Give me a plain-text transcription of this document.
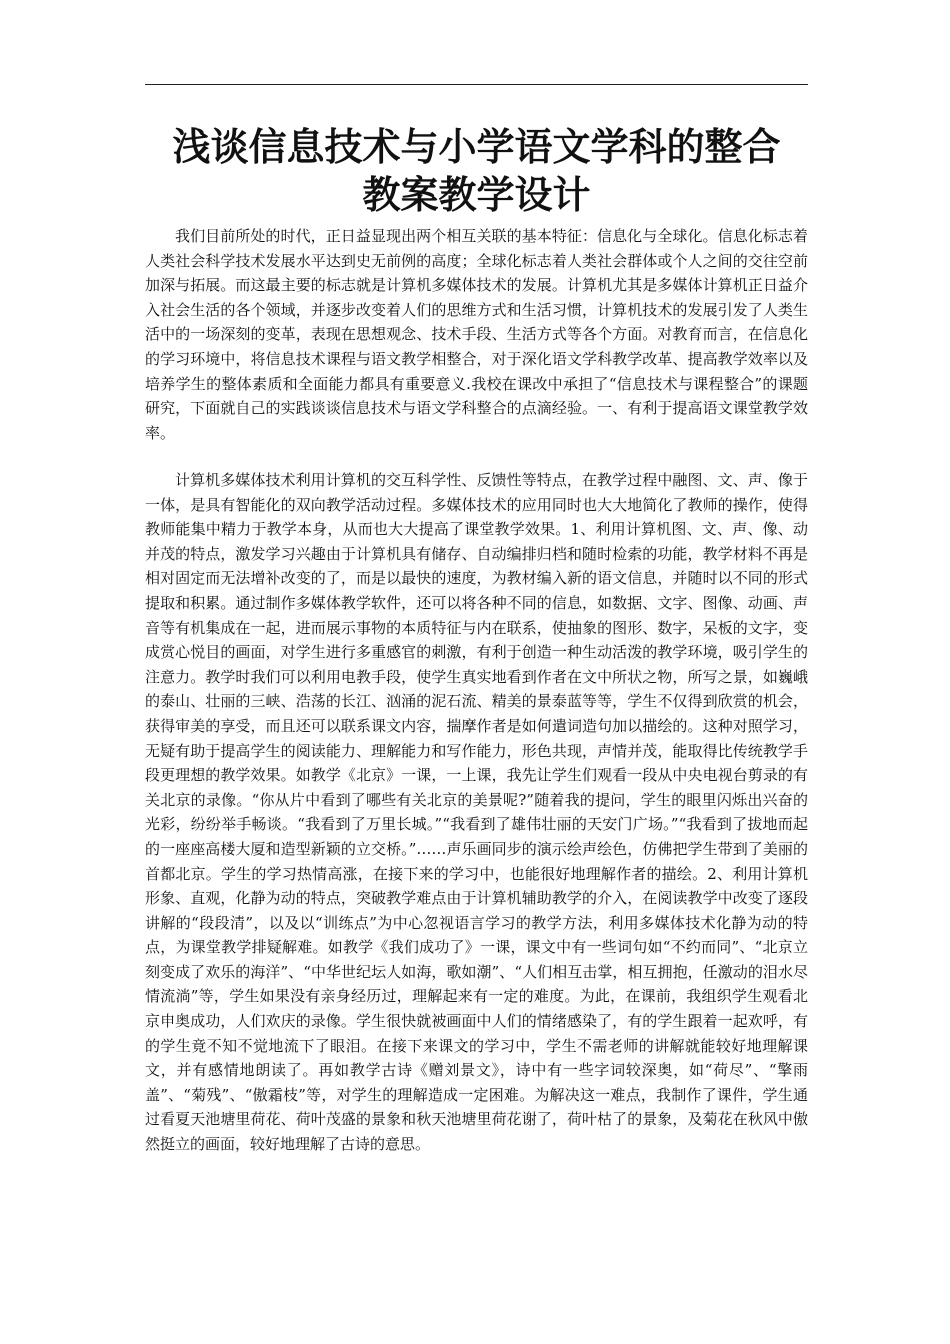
浅谈信息技术与小学语文学科的整合
教案教学设计

我们目前所处的时代，正日益显现出两个相互关联的基本特征：信息化与全球化。信息化标志着人类社会科学技术发展水平达到史无前例的高度；全球化标志着人类社会群体或个人之间的交往空前加深与拓展。而这最主要的标志就是计算机多媒体技术的发展。计算机尤其是多媒体计算机正日益介入社会生活的各个领域，并逐步改变着人们的思维方式和生活习惯，计算机技术的发展引发了人类生活中的一场深刻的变革，表现在思想观念、技术手段、生活方式等各个方面。对教育而言，在信息化的学习环境中，将信息技术课程与语文教学相整合，对于深化语文学科教学改革、提高教学效率以及培养学生的整体素质和全面能力都具有重要意义.我校在课改中承担了“信息技术与课程整合”的课题研究，下面就自己的实践谈谈信息技术与语文学科整合的点滴经验。一、有利于提高语文课堂教学效率。

计算机多媒体技术利用计算机的交互科学性、反馈性等特点，在教学过程中融图、文、声、像于一体，是具有智能化的双向教学活动过程。多媒体技术的应用同时也大大地简化了教师的操作，使得教师能集中精力于教学本身，从而也大大提高了课堂教学效果。1、利用计算机图、文、声、像、动并茂的特点，激发学习兴趣由于计算机具有储存、自动编排归档和随时检索的功能，教学材料不再是相对固定而无法增补改变的了，而是以最快的速度，为教材编入新的语文信息，并随时以不同的形式提取和积累。通过制作多媒体教学软件，还可以将各种不同的信息，如数据、文字、图像、动画、声音等有机集成在一起，进而展示事物的本质特征与内在联系，使抽象的图形、数字，呆板的文字，变成赏心悦目的画面，对学生进行多重感官的刺激，有利于创造一种生动活泼的教学环境，吸引学生的注意力。教学时我们可以利用电教手段，使学生真实地看到作者在文中所状之物，所写之景，如巍峨的泰山、壮丽的三峡、浩荡的长江、汹涌的泥石流、精美的景泰蓝等等，学生不仅得到欣赏的机会，获得审美的享受，而且还可以联系课文内容，揣摩作者是如何遣词造句加以描绘的。这种对照学习，无疑有助于提高学生的阅读能力、理解能力和写作能力，形色共现，声情并茂，能取得比传统教学手段更理想的教学效果。如教学《北京》一课，一上课，我先让学生们观看一段从中央电视台剪录的有关北京的录像。“你从片中看到了哪些有关北京的美景呢?”随着我的提问，学生的眼里闪烁出兴奋的光彩，纷纷举手畅谈。“我看到了万里长城。”“我看到了雄伟壮丽的天安门广场。”“我看到了拔地而起的一座座高楼大厦和造型新颖的立交桥。”……声乐画同步的演示绘声绘色，仿佛把学生带到了美丽的首都北京。学生的学习热情高涨，在接下来的学习中，也能很好地理解作者的描绘。2、利用计算机形象、直观，化静为动的特点，突破教学难点由于计算机辅助教学的介入，在阅读教学中改变了逐段讲解的“段段清”，以及以“训练点”为中心忽视语言学习的教学方法，利用多媒体技术化静为动的特点，为课堂教学排疑解难。如教学《我们成功了》一课，课文中有一些词句如“不约而同”、“北京立刻变成了欢乐的海洋”、“中华世纪坛人如海，歌如潮”、“人们相互击掌，相互拥抱，任激动的泪水尽情流淌”等，学生如果没有亲身经历过，理解起来有一定的难度。为此，在课前，我组织学生观看北京申奥成功，人们欢庆的录像。学生很快就被画面中人们的情绪感染了，有的学生跟着一起欢呼，有的学生竟不知不觉地流下了眼泪。在接下来课文的学习中，学生不需老师的讲解就能较好地理解课文，并有感情地朗读了。再如教学古诗《赠刘景文》，诗中有一些字词较深奥，如“荷尽”、“擎雨盖”、“菊残”、“傲霜枝”等，对学生的理解造成一定困难。为解决这一难点，我制作了课件，学生通过看夏天池塘里荷花、荷叶茂盛的景象和秋天池塘里荷花谢了，荷叶枯了的景象，及菊花在秋风中傲然挺立的画面，较好地理解了古诗的意思。
